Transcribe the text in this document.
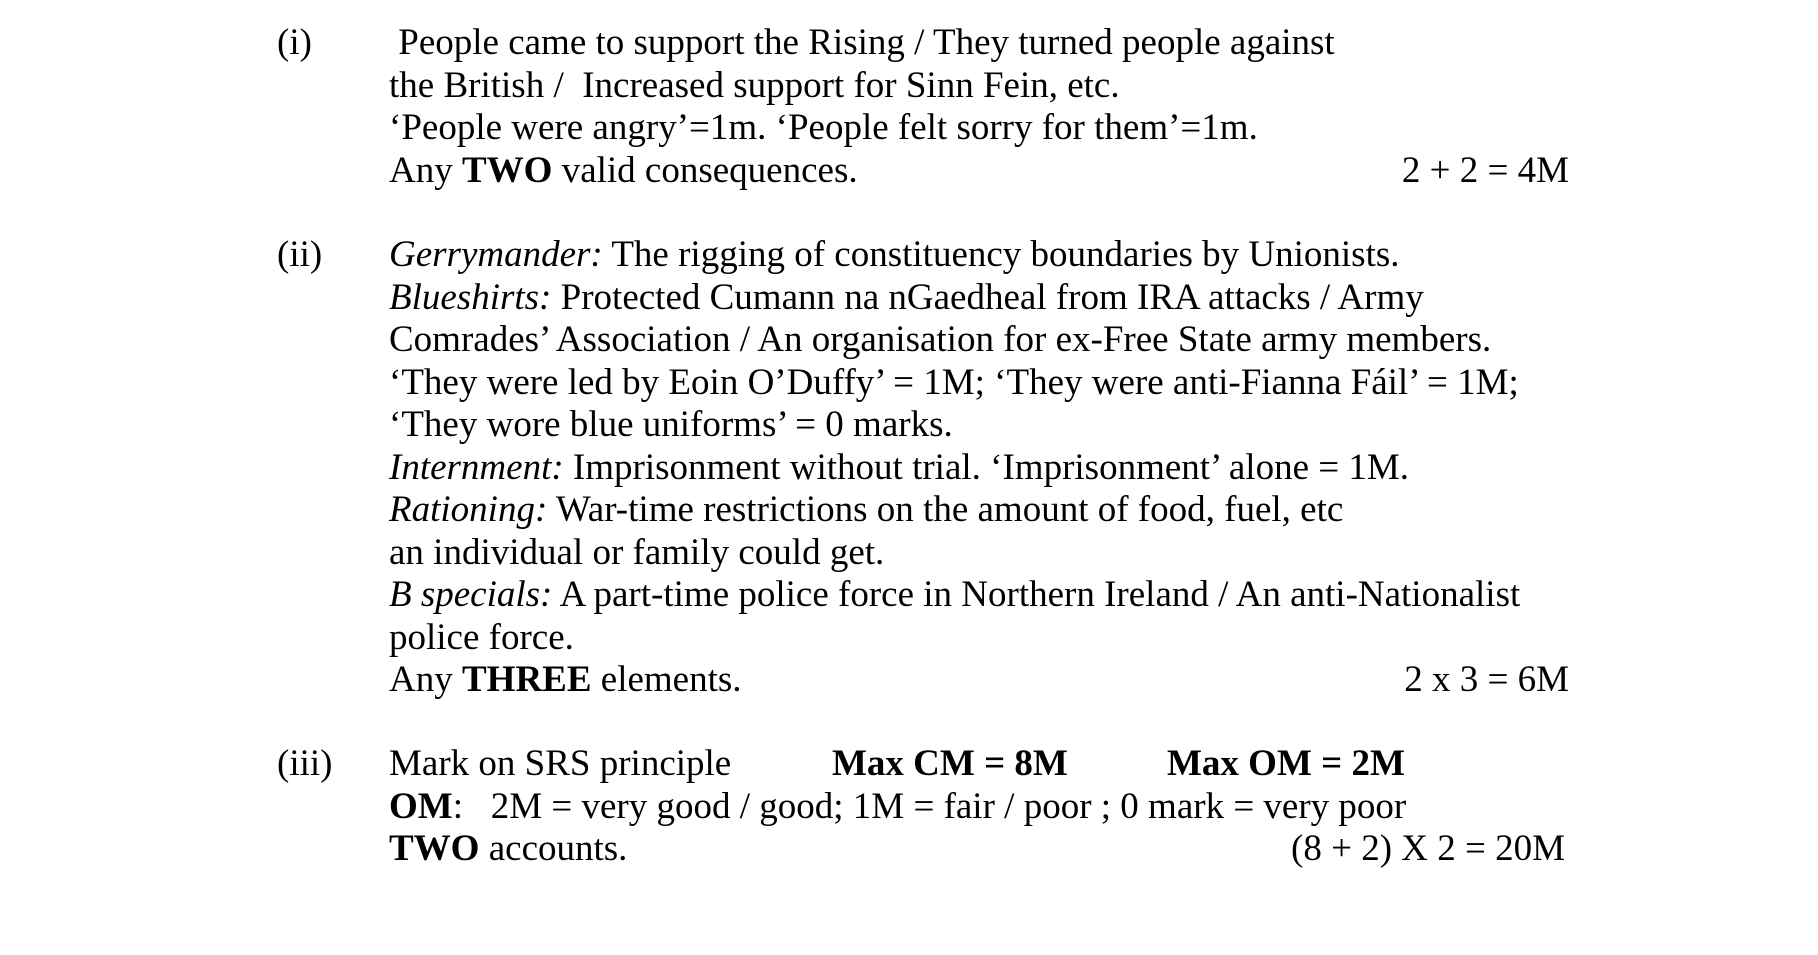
(i) People came to support the Rising / They turned people against
the British /  Increased support for Sinn Fein, etc.
‘People were angry’=1m. ‘People felt sorry for them’=1m.
Any TWO valid consequences.	2 + 2 = 4M
(ii) Gerrymander: The rigging of constituency boundaries by Unionists.
Blueshirts: Protected Cumann na nGaedheal from IRA attacks / Army
Comrades’ Association / An organisation for ex-Free State army members.
‘They were led by Eoin O’Duffy’ = 1M; ‘They were anti-Fianna Fáil’ = 1M;
‘They wore blue uniforms’ = 0 marks.
Internment: Imprisonment without trial. ‘Imprisonment’ alone = 1M.
Rationing: War-time restrictions on the amount of food, fuel, etc
an individual or family could get.
B specials: A part-time police force in Northern Ireland / An anti-Nationalist
police force.
Any THREE elements.	2 x 3 = 6M
(iii) Mark on SRS principle	Max CM = 8M	Max OM = 2M
OM:   2M = very good / good; 1M = fair / poor ; 0 mark = very poor
TWO accounts.	(8 + 2) X 2 = 20M
